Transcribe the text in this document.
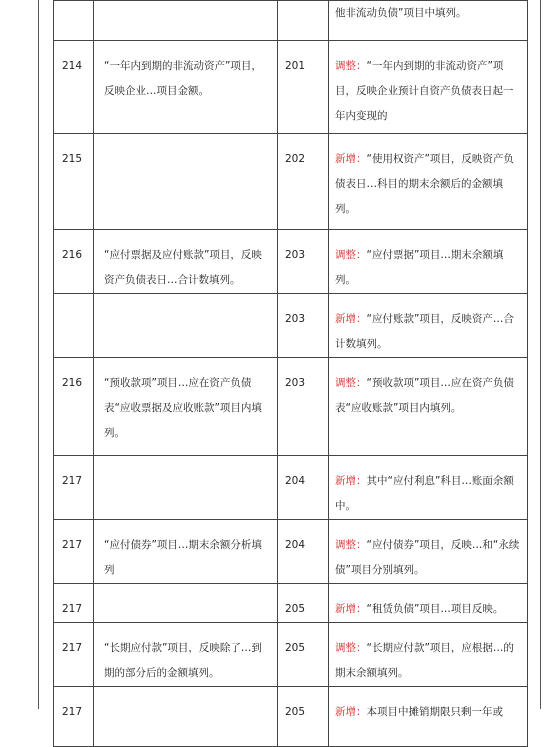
			他非流动负债”项目中填列。

214	“一年内到期的非流动资产”项目，反映企业…项目金额。	201	调整：“一年内到期的非流动资产”项目，反映企业预计自资产负债表日起一年内变现的

215		202	新增：“使用权资产”项目，反映资产负债表日…科目的期末余额后的金额填列。

216	“应付票据及应付账款”项目，反映资产负债表日…合计数填列。	203	调整：“应付票据”项目…期末余额填列。

		203	新增：“应付账款”项目，反映资产…合计数填列。

216	“预收款项”项目…应在资产负债表“应收票据及应收账款”项目内填列。	203	调整：“预收款项”项目…应在资产负债表“应收账款”项目内填列。

217		204	新增：其中“应付利息”科目…账面余额中。

217	“应付债券”项目…期末余额分析填列	204	调整：“应付债券”项目，反映…和“永续债”项目分别填列。

217		205	新增：“租赁负债”项目…项目反映。

217	“长期应付款”项目，反映除了…到期的部分后的金额填列。	205	调整：“长期应付款”项目，应根据…的期末余额填列。

217		205	新增：本项目中摊销期限只剩一年或
